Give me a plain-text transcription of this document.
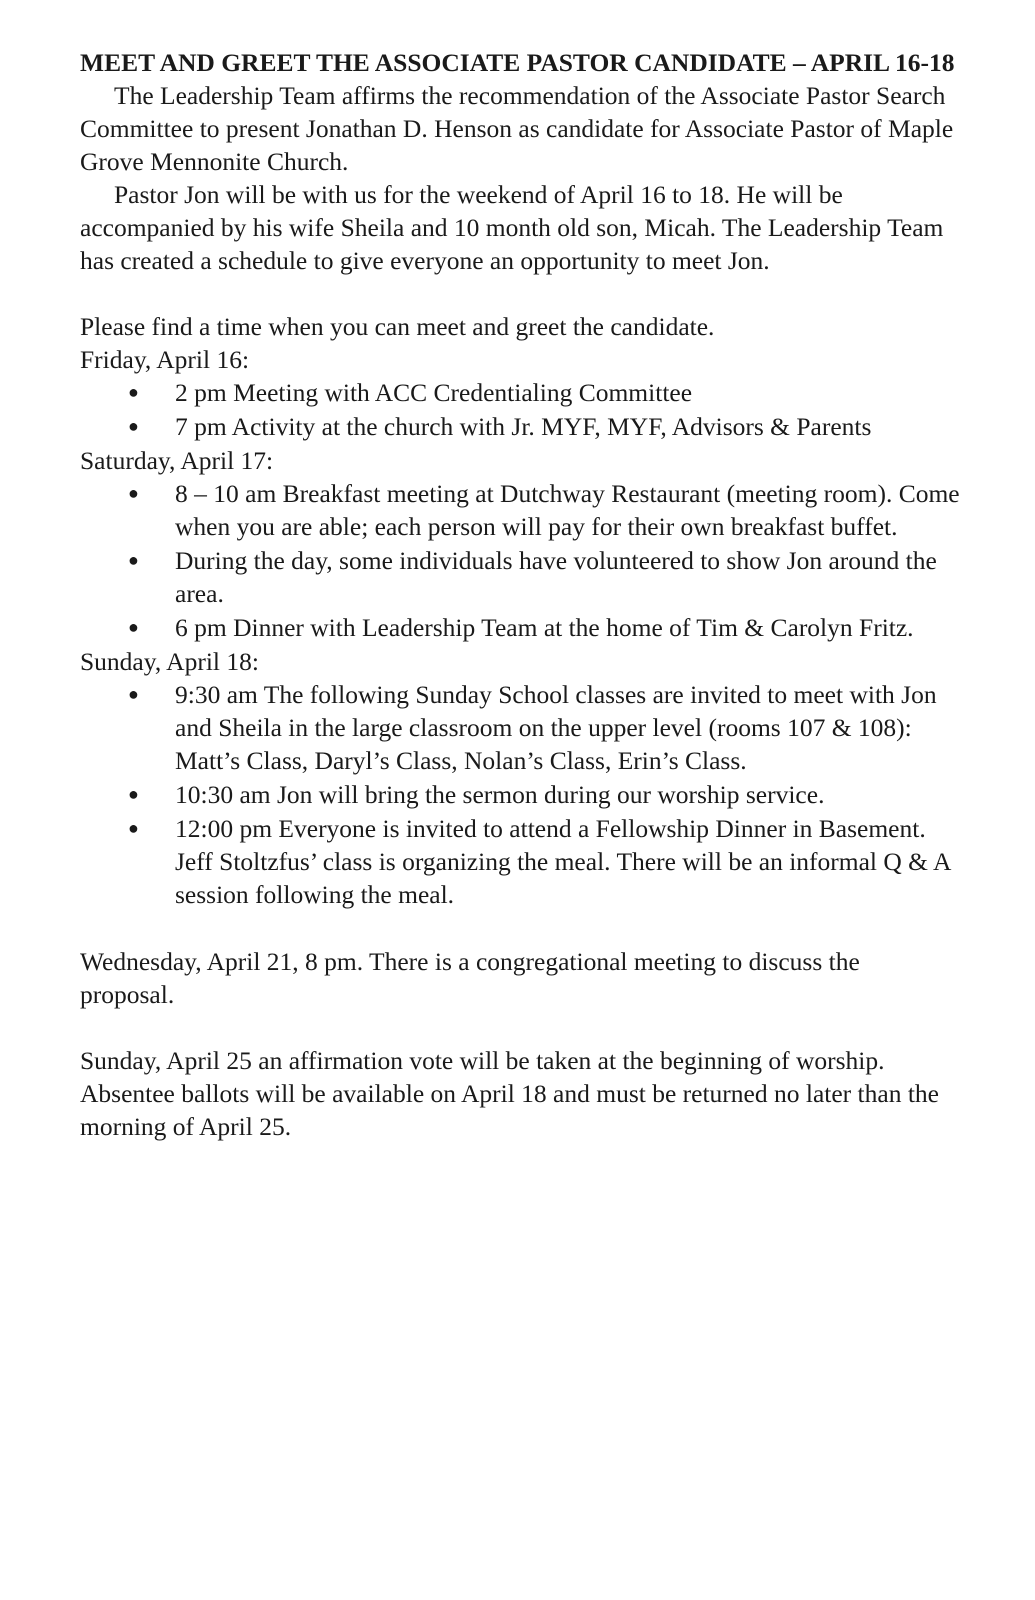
MEET AND GREET THE ASSOCIATE PASTOR CANDIDATE – APRIL 16-18

The Leadership Team affirms the recommendation of the Associate Pastor Search Committee to present Jonathan D. Henson as candidate for Associate Pastor of Maple Grove Mennonite Church.

Pastor Jon will be with us for the weekend of April 16 to 18. He will be accompanied by his wife Sheila and 10 month old son, Micah. The Leadership Team has created a schedule to give everyone an opportunity to meet Jon.

Please find a time when you can meet and greet the candidate.

Friday, April 16:

● 2 pm Meeting with ACC Credentialing Committee
● 7 pm Activity at the church with Jr. MYF, MYF, Advisors & Parents

Saturday, April 17:

● 8 – 10 am Breakfast meeting at Dutchway Restaurant (meeting room). Come when you are able; each person will pay for their own breakfast buffet.
● During the day, some individuals have volunteered to show Jon around the area.
● 6 pm Dinner with Leadership Team at the home of Tim & Carolyn Fritz.

Sunday, April 18:

● 9:30 am The following Sunday School classes are invited to meet with Jon and Sheila in the large classroom on the upper level (rooms 107 & 108): Matt’s Class, Daryl’s Class, Nolan’s Class, Erin’s Class.
● 10:30 am Jon will bring the sermon during our worship service.
● 12:00 pm Everyone is invited to attend a Fellowship Dinner in Basement. Jeff Stoltzfus’ class is organizing the meal. There will be an informal Q & A session following the meal.

Wednesday, April 21, 8 pm. There is a congregational meeting to discuss the proposal.

Sunday, April 25 an affirmation vote will be taken at the beginning of worship. Absentee ballots will be available on April 18 and must be returned no later than the morning of April 25.
